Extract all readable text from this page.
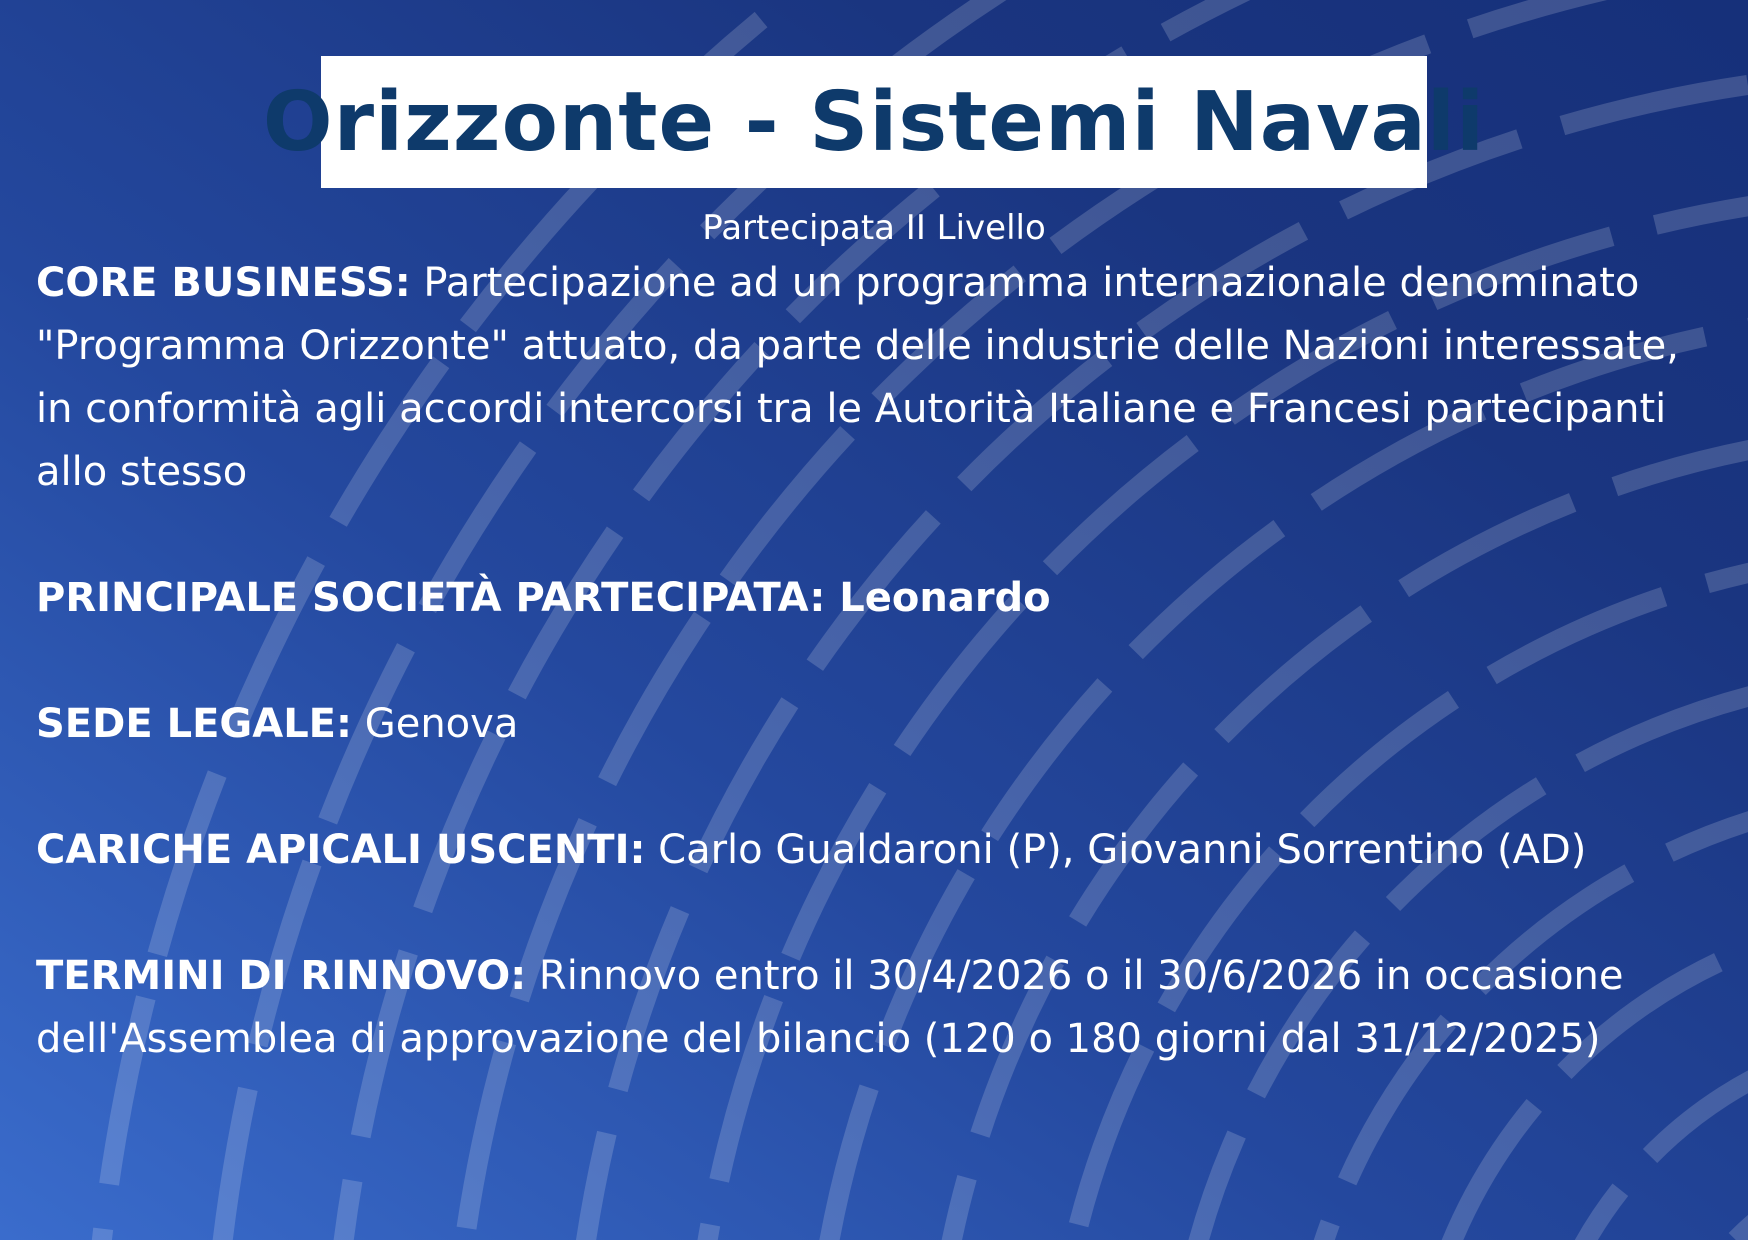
Orizzonte - Sistemi Navali
Partecipata II Livello

CORE BUSINESS: Partecipazione ad un programma internazionale denominato "Programma Orizzonte" attuato, da parte delle industrie delle Nazioni interessate, in conformità agli accordi intercorsi tra le Autorità Italiane e Francesi partecipanti allo stesso

PRINCIPALE SOCIETÀ PARTECIPATA: Leonardo

SEDE LEGALE: Genova

CARICHE APICALI USCENTI: Carlo Gualdaroni (P), Giovanni Sorrentino (AD)

TERMINI DI RINNOVO: Rinnovo entro il 30/4/2026 o il 30/6/2026 in occasione dell'Assemblea di approvazione del bilancio (120 o 180 giorni dal 31/12/2025)
